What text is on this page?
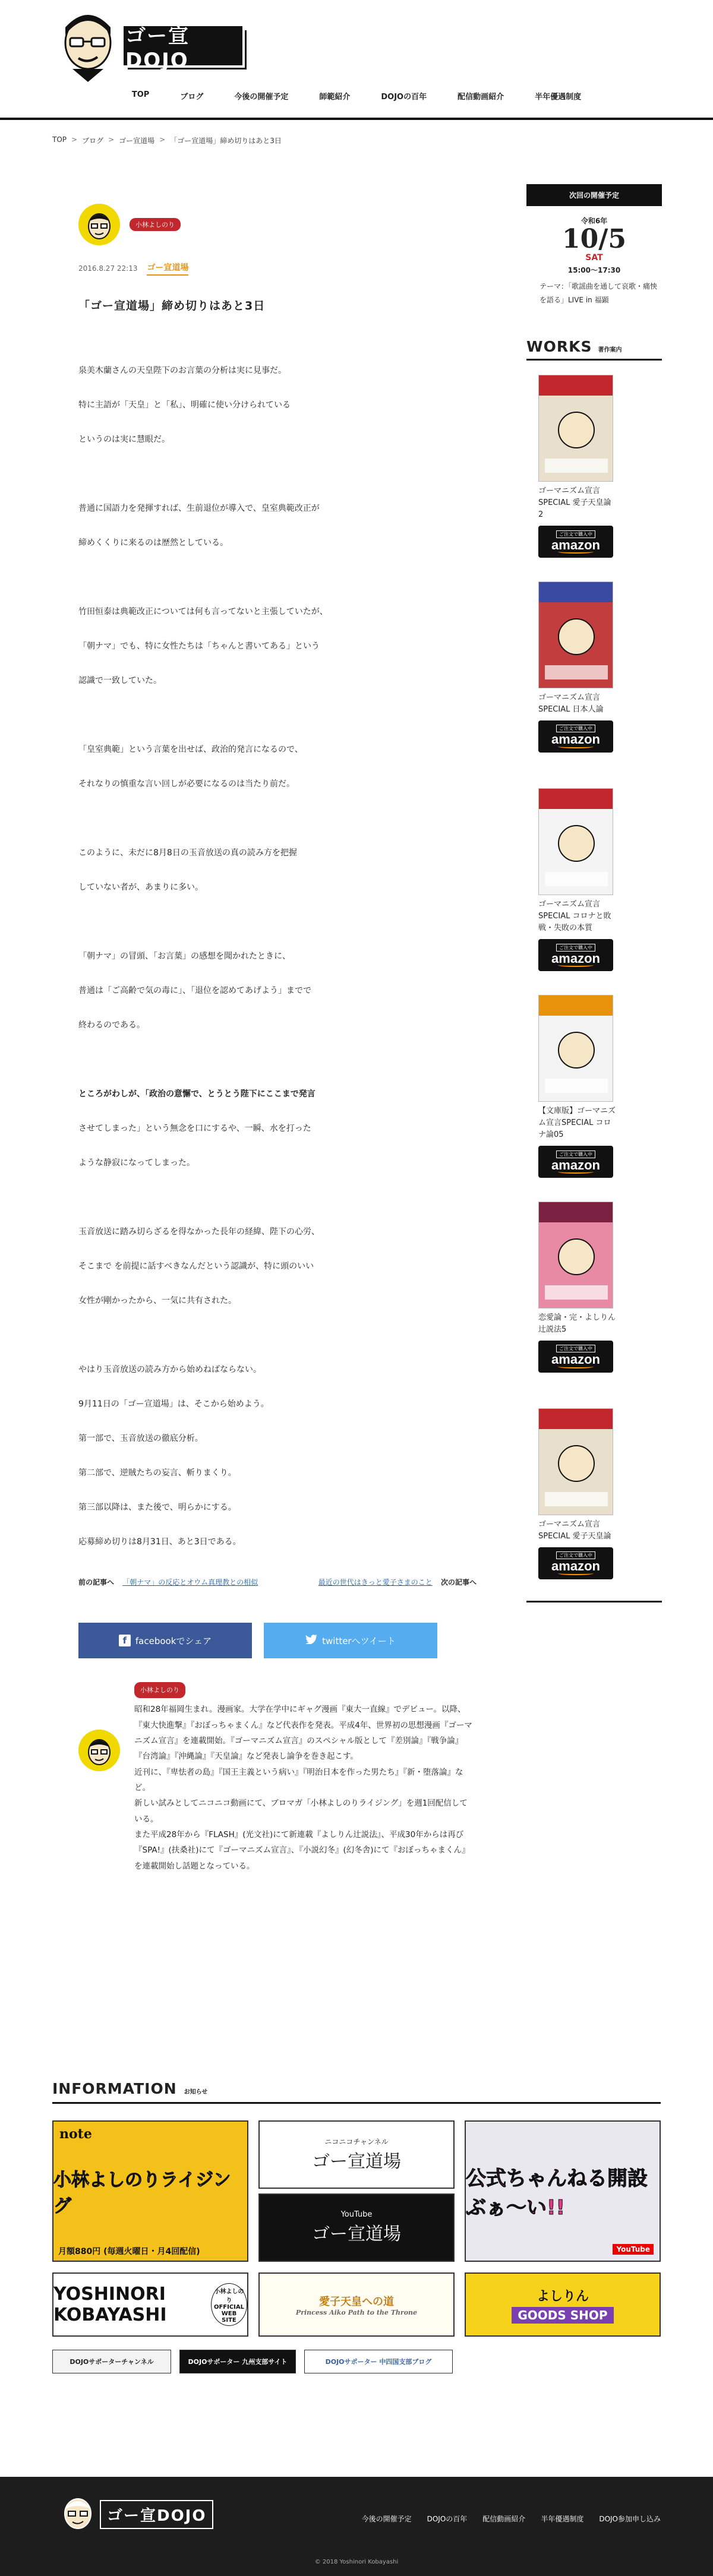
ゴー宣DOJO
TOP	ブログ	今後の開催予定	師範紹介	DOJOの百年	配信動画紹介	半年優遇制度
TOP > ブログ > ゴー宣道場 > 「ゴー宣道場」締め切りはあと3日
小林よしのり
2016.8.27 22:13 ゴー宣道場
「ゴー宣道場」締め切りはあと3日
泉美木蘭さんの天皇陛下のお言葉の分析は実に見事だ。
特に主語が「天皇」と「私」、明確に使い分けられている
というのは実に慧眼だ。
普通に国語力を発揮すれば、生前退位が導入で、皇室典範改正が
締めくくりに来るのは歴然としている。
竹田恒泰は典範改正については何も言ってないと主張していたが、
「朝ナマ」でも、特に女性たちは「ちゃんと書いてある」という
認識で一致していた。
「皇室典範」という言葉を出せば、政治的発言になるので、
それなりの慎重な言い回しが必要になるのは当たり前だ。
このように、未だに8月8日の玉音放送の真の読み方を把握
していない者が、あまりに多い。
「朝ナマ」の冒頭、「お言葉」の感想を聞かれたときに、
普通は「ご高齢で気の毒に」、「退位を認めてあげよう」までで
終わるのである。
ところがわしが、「政治の意懈で、とうとう陛下にここまで発言
させてしまった」という無念を口にするや、一瞬、水を打った
ような静寂になってしまった。
玉音放送に踏み切らざるを得なかった長年の経緯、陛下の心労、
そこまで を前提に話すべきなんだという認識が、特に頭のいい
女性が剛かったから、一気に共有された。
やはり玉音放送の読み方から始めねばならない。
9月11日の「ゴー宣道場」は、そこから始めよう。
第一部で、玉音放送の徹底分析。
第二部で、逆賊たちの妄言、斬りまくり。
第三部以降は、また後で、明らかにする。
応募締め切りは8月31日、あと3日である。
前の記事へ 「朝ナマ」の反応とオウム真理教との相似	最近の世代はきっと愛子さまのこと 次の記事へ
f facebookでシェア	twitterへツイート
小林よしのり

昭和28年福岡生まれ。漫画家。大学在学中にギャグ漫画『東大一直線』でデビュー。以降、『東大快進撃』『おぼっちゃまくん』など代表作を発表。平成4年、世界初の思想漫画『ゴーマニズム宣言』を連載開始。『ゴーマニズム宣言』のスペシャル版として『差別論』『戦争論』『台湾論』『沖縄論』『天皇論』など発表し論争を巻き起こす。

近刊に、『卑怯者の島』『国王主義という病い』『明治日本を作った男たち』『新・堕落論』など。

新しい試みとしてニコニコ動画にて、ブロマガ「小林よしのりライジング」を週1回配信している。

また平成28年から『FLASH』(光文社)にて新連載『よしりん辻説法』、平成30年からは再び『SPA!』(扶桑社)にて『ゴーマニズム宣言』、『小説幻冬』(幻冬舎)にて『おぼっちゃまくん』を連載開始し話題となっている。

次回の開催予定
令和6年
10/5
SAT
15:00〜17:30
テーマ：「歌謡曲を通して哀歌・痛怏を語る」LIVE in 福顕
WORKS 著作案内
ゴーマニズム宣言SPECIAL 愛子天皇論2
ご注文で購入中
amazon
ゴーマニズム宣言SPECIAL 日本人論
ご注文で購入中
amazon
ゴーマニズム宣言SPECIAL コロナと敗戦・失敗の本質
ご注文で購入中
amazon
【文庫版】ゴーマニズム宣言SPECIAL コロナ論05
ご注文で購入中
amazon
恋愛論・完・よしりん辻説法5
ご注文で購入中
amazon
ゴーマニズム宣言SPECIAL 愛子天皇論
ご注文で購入中
amazon
INFORMATION お知らせ
note
小林よしのりライジング
月額880円 (毎週火曜日・月4回配信)
ニコニコチャンネル
ゴー宣道場
YouTube
ゴー宣道場
公式ちゃんねる開設ぶぁ〜い!!
YouTube
YOSHINORI KOBAYASHI
小林よしのり OFFICIAL WEB SITE
愛子天皇への道
Princess Aiko Path to the Throne
よしりん
GOODS SHOP
DOJOサポーターチャンネル	DOJOサポーター 九州支部サイト	DOJOサポーター 中四国支部ブログ
ゴー宣DOJO	今後の開催予定 DOJOの百年 配信動画紹介 半年優遇制度 DOJO参加申し込み
© 2018 Yoshinori Kobayashi
